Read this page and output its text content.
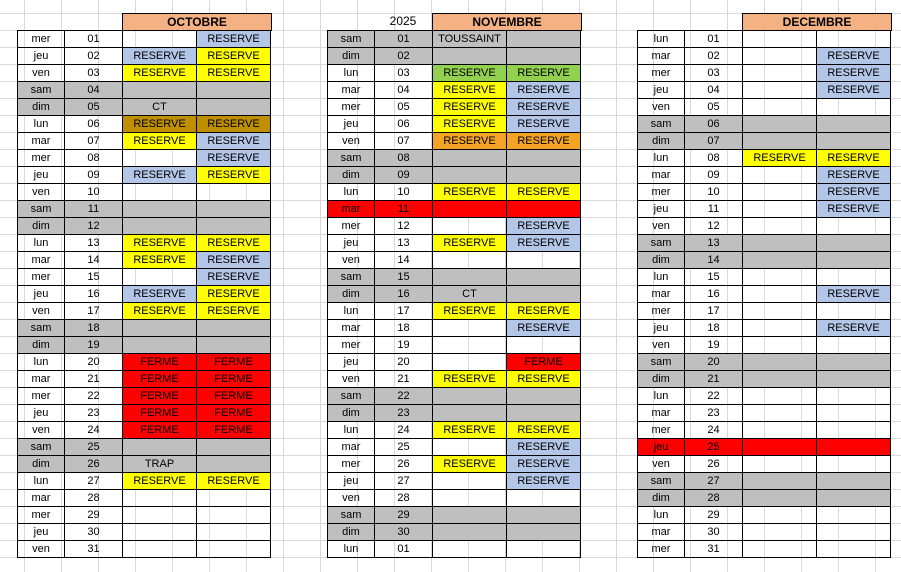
OCTOBRE
mer	01		RESERVE
jeu	02	RESERVE	RESERVE
ven	03	RESERVE	RESERVE
sam	04		
dim	05	CT	
lun	06	RESERVE	RESERVE
mar	07	RESERVE	RESERVE
mer	08		RESERVE
jeu	09	RESERVE	RESERVE
ven	10		
sam	11		
dim	12		
lun	13	RESERVE	RESERVE
mar	14	RESERVE	RESERVE
mer	15		RESERVE
jeu	16	RESERVE	RESERVE
ven	17	RESERVE	RESERVE
sam	18		
dim	19		
lun	20	FERME	FERME
mar	21	FERME	FERME
mer	22	FERME	FERME
jeu	23	FERME	FERME
ven	24	FERME	FERME
sam	25		
dim	26	TRAP	
lun	27	RESERVE	RESERVE
mar	28		
mer	29		
jeu	30		
ven	31		
2025	NOVEMBRE
sam	01	TOUSSAINT	
dim	02		
lun	03	RESERVE	RESERVE
mar	04	RESERVE	RESERVE
mer	05	RESERVE	RESERVE
jeu	06	RESERVE	RESERVE
ven	07	RESERVE	RESERVE
sam	08		
dim	09		
lun	10	RESERVE	RESERVE
mar	11		
mer	12		RESERVE
jeu	13	RESERVE	RESERVE
ven	14		
sam	15		
dim	16	CT	
lun	17	RESERVE	RESERVE
mar	18		RESERVE
mer	19		
jeu	20		FERME
ven	21	RESERVE	RESERVE
sam	22		
dim	23		
lun	24	RESERVE	RESERVE
mar	25		RESERVE
mer	26	RESERVE	RESERVE
jeu	27		RESERVE
ven	28		
sam	29		
dim	30		
lun	01		
DECEMBRE
lun	01		
mar	02		RESERVE
mer	03		RESERVE
jeu	04		RESERVE
ven	05		
sam	06		
dim	07		
lun	08	RESERVE	RESERVE
mar	09		RESERVE
mer	10		RESERVE
jeu	11		RESERVE
ven	12		
sam	13		
dim	14		
lun	15		
mar	16		RESERVE
mer	17		
jeu	18		RESERVE
ven	19		
sam	20		
dim	21		
lun	22		
mar	23		
mer	24		
jeu	25		
ven	26		
sam	27		
dim	28		
lun	29		
mar	30		
mer	31		
